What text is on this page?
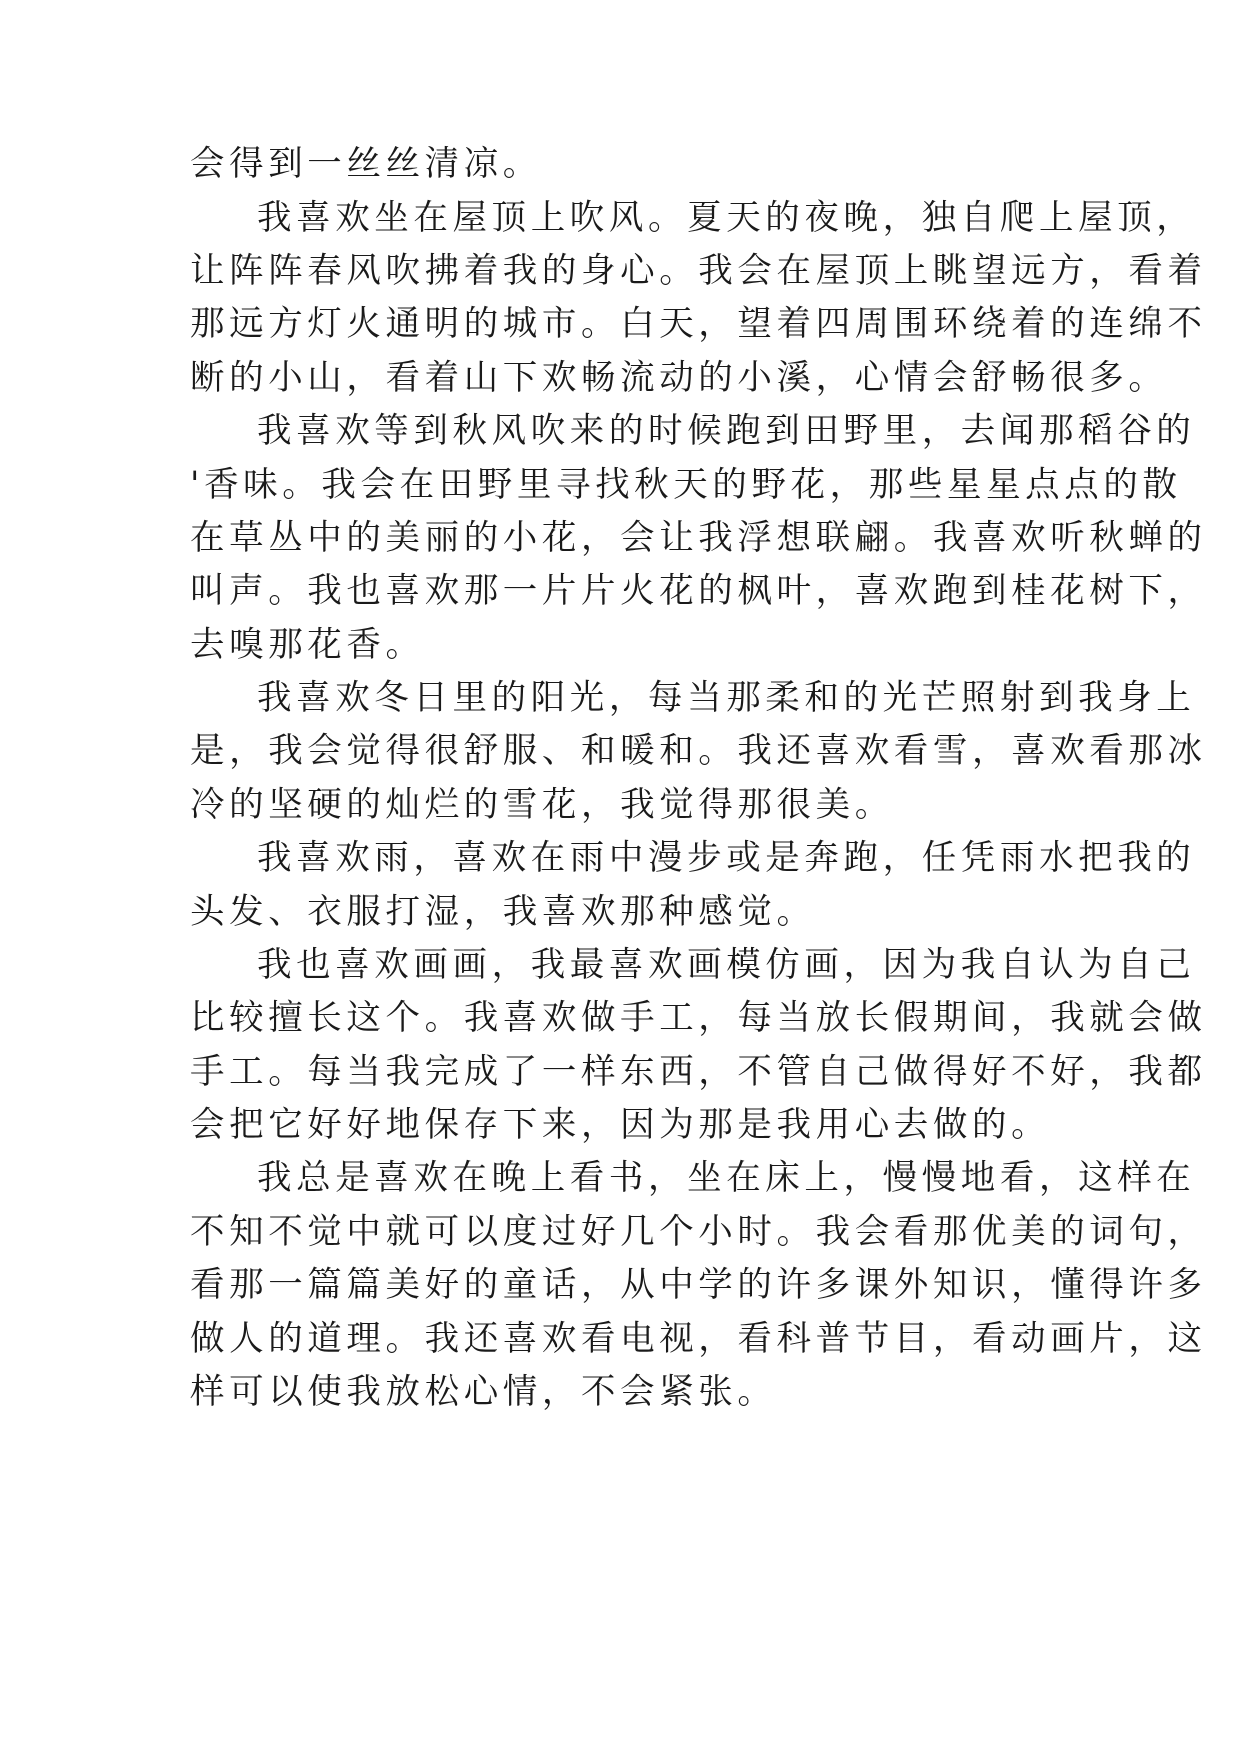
会得到一丝丝清凉。
我喜欢坐在屋顶上吹风。夏天的夜晚，独自爬上屋顶，
让阵阵春风吹拂着我的身心。我会在屋顶上眺望远方，看着
那远方灯火通明的城市。白天，望着四周围环绕着的连绵不
断的小山，看着山下欢畅流动的小溪，心情会舒畅很多。
我喜欢等到秋风吹来的时候跑到田野里，去闻那稻谷的
'香味。我会在田野里寻找秋天的野花，那些星星点点的散
在草丛中的美丽的小花，会让我浮想联翩。我喜欢听秋蝉的
叫声。我也喜欢那一片片火花的枫叶，喜欢跑到桂花树下，
去嗅那花香。
我喜欢冬日里的阳光，每当那柔和的光芒照射到我身上
是，我会觉得很舒服、和暖和。我还喜欢看雪，喜欢看那冰
冷的坚硬的灿烂的雪花，我觉得那很美。
我喜欢雨，喜欢在雨中漫步或是奔跑，任凭雨水把我的
头发、衣服打湿，我喜欢那种感觉。
我也喜欢画画，我最喜欢画模仿画，因为我自认为自己
比较擅长这个。我喜欢做手工，每当放长假期间，我就会做
手工。每当我完成了一样东西，不管自己做得好不好，我都
会把它好好地保存下来，因为那是我用心去做的。
我总是喜欢在晚上看书，坐在床上，慢慢地看，这样在
不知不觉中就可以度过好几个小时。我会看那优美的词句，
看那一篇篇美好的童话，从中学的许多课外知识，懂得许多
做人的道理。我还喜欢看电视，看科普节目，看动画片，这
样可以使我放松心情，不会紧张。
